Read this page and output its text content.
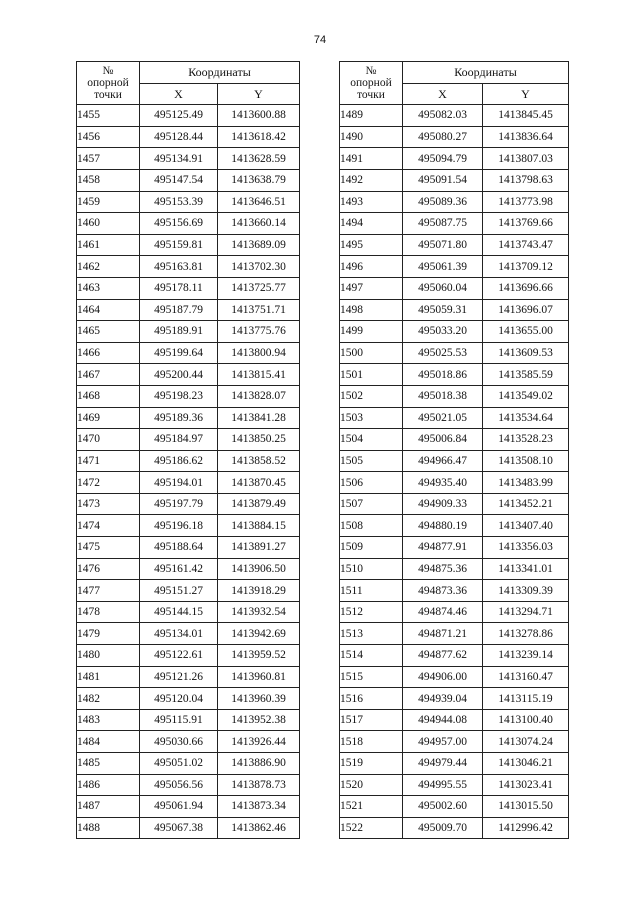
74
№
опорной
точки	Координаты	
	X	Y
1455	495125.49	1413600.88
1456	495128.44	1413618.42
1457	495134.91	1413628.59
1458	495147.54	1413638.79
1459	495153.39	1413646.51
1460	495156.69	1413660.14
1461	495159.81	1413689.09
1462	495163.81	1413702.30
1463	495178.11	1413725.77
1464	495187.79	1413751.71
1465	495189.91	1413775.76
1466	495199.64	1413800.94
1467	495200.44	1413815.41
1468	495198.23	1413828.07
1469	495189.36	1413841.28
1470	495184.97	1413850.25
1471	495186.62	1413858.52
1472	495194.01	1413870.45
1473	495197.79	1413879.49
1474	495196.18	1413884.15
1475	495188.64	1413891.27
1476	495161.42	1413906.50
1477	495151.27	1413918.29
1478	495144.15	1413932.54
1479	495134.01	1413942.69
1480	495122.61	1413959.52
1481	495121.26	1413960.81
1482	495120.04	1413960.39
1483	495115.91	1413952.38
1484	495030.66	1413926.44
1485	495051.02	1413886.90
1486	495056.56	1413878.73
1487	495061.94	1413873.34
1488	495067.38	1413862.46
№
опорной
точки	Координаты	
	X	Y
1489	495082.03	1413845.45
1490	495080.27	1413836.64
1491	495094.79	1413807.03
1492	495091.54	1413798.63
1493	495089.36	1413773.98
1494	495087.75	1413769.66
1495	495071.80	1413743.47
1496	495061.39	1413709.12
1497	495060.04	1413696.66
1498	495059.31	1413696.07
1499	495033.20	1413655.00
1500	495025.53	1413609.53
1501	495018.86	1413585.59
1502	495018.38	1413549.02
1503	495021.05	1413534.64
1504	495006.84	1413528.23
1505	494966.47	1413508.10
1506	494935.40	1413483.99
1507	494909.33	1413452.21
1508	494880.19	1413407.40
1509	494877.91	1413356.03
1510	494875.36	1413341.01
1511	494873.36	1413309.39
1512	494874.46	1413294.71
1513	494871.21	1413278.86
1514	494877.62	1413239.14
1515	494906.00	1413160.47
1516	494939.04	1413115.19
1517	494944.08	1413100.40
1518	494957.00	1413074.24
1519	494979.44	1413046.21
1520	494995.55	1413023.41
1521	495002.60	1413015.50
1522	495009.70	1412996.42
